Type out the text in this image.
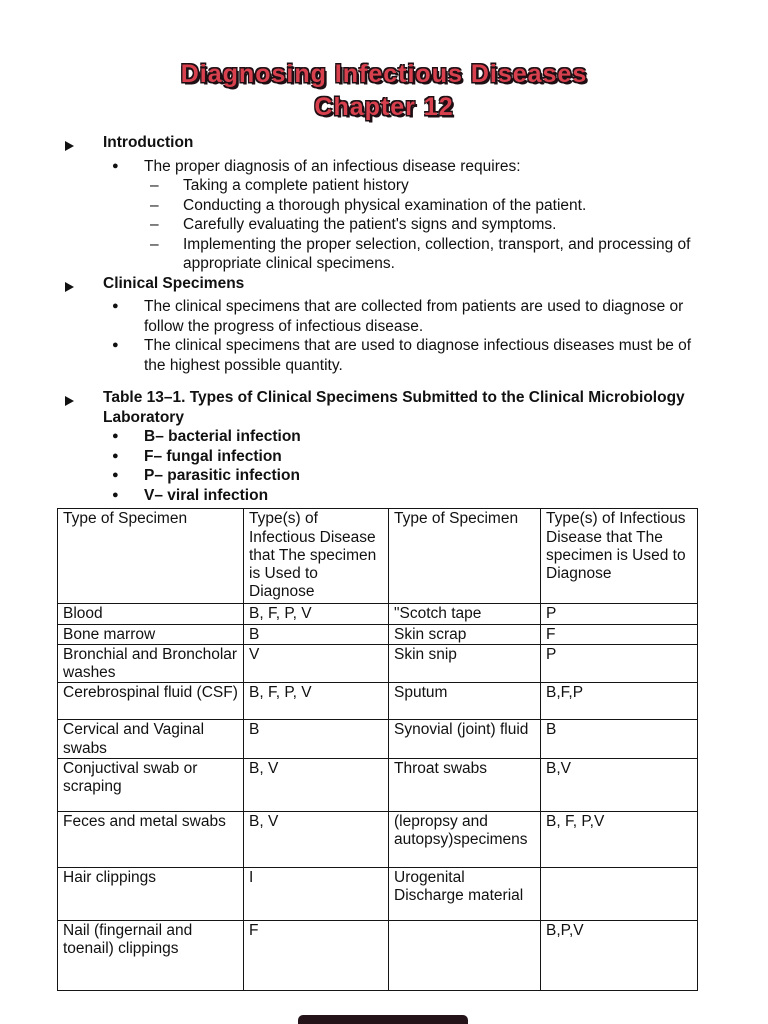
Diagnosing Infectious Diseases
Chapter 12
Introduction
●	The proper diagnosis of an infectious disease requires:
–	Taking a complete patient history
–	Conducting a thorough physical examination of the patient.
–	Carefully evaluating the patient's signs and symptoms.
–	Implementing the proper selection, collection, transport, and processing of appropriate clinical specimens.
Clinical Specimens
●	The clinical specimens that are collected from patients are used to diagnose or follow the progress of infectious disease.
●	The clinical specimens that are used to diagnose infectious diseases must be of the highest possible quantity.
Table 13–1. Types of Clinical Specimens Submitted to the Clinical Microbiology Laboratory
●	B– bacterial infection
●	F– fungal infection
●	P– parasitic infection
●	V– viral infection
Type of Specimen	Type(s) of Infectious Disease that The specimen is Used to Diagnose	Type of Specimen	Type(s) of Infectious Disease that The specimen is Used to Diagnose
Blood	B, F, P, V	"Scotch tape	P
Bone marrow	B	Skin scrap	F
Bronchial and Broncholar washes	V	Skin snip	P
Cerebrospinal fluid (CSF)	B, F, P, V	Sputum	B,F,P
Cervical and Vaginal swabs	B	Synovial (joint) fluid	B
Conjuctival swab or scraping	B, V	Throat swabs	B,V
Feces and metal swabs	B, V	(lepropsy and autopsy)specimens	B, F, P,V
Hair clippings	I	Urogenital Discharge material	
Nail (fingernail and toenail) clippings	F		B,P,V
